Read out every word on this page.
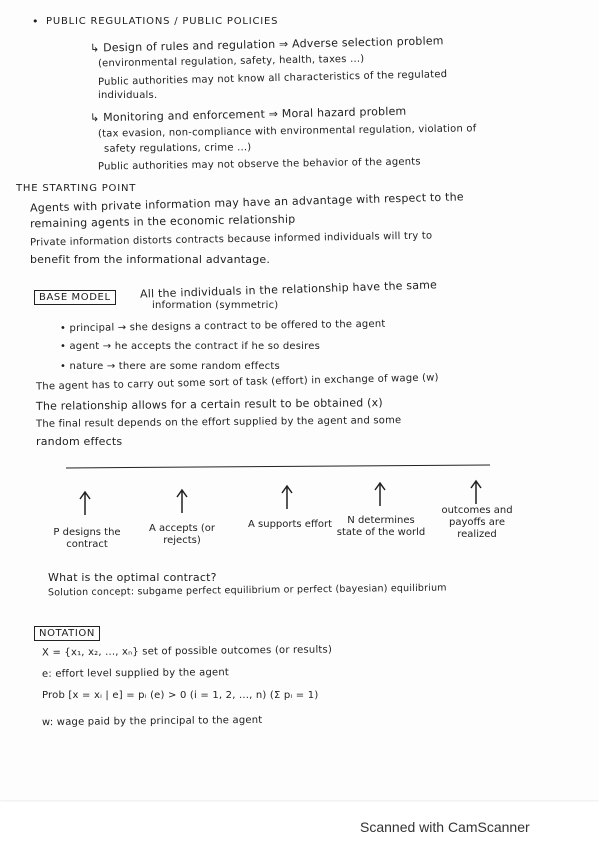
• PUBLIC REGULATIONS / PUBLIC POLICIES
↳ Design of rules and regulation ⇒ Adverse selection problem
(environmental regulation, safety, health, taxes ...)
Public authorities may not know all characteristics of the regulated
individuals.
↳ Monitoring and enforcement ⇒ Moral hazard problem
(tax evasion, non-compliance with environmental regulation, violation of
safety regulations, crime ...)
Public authorities may not observe the behavior of the agents
THE STARTING POINT
Agents with private information may have an advantage with respect to the
remaining agents in the economic relationship
Private information distorts contracts because informed individuals will try to
benefit from the informational advantage.
BASE MODEL	All the individuals in the relationship have the same
information (symmetric)
• principal → she designs a contract to be offered to the agent
• agent → he accepts the contract if he so desires
• nature → there are some random effects
The agent has to carry out some sort of task (effort) in exchange of wage (w)
The relationship allows for a certain result to be obtained (x)
The final result depends on the effort supplied by the agent and some
random effects
P designs the contract
A accepts (or rejects)
A supports effort	N determines state of the world
outcomes and payoffs are realized
What is the optimal contract?
Solution concept: subgame perfect equilibrium or perfect (bayesian) equilibrium
NOTATION
X = {x₁, x₂, ..., xₙ} set of possible outcomes (or results)
e: effort level supplied by the agent
Prob [x = xᵢ | e] = pᵢ (e) > 0 (i = 1, 2, ..., n) (Σ pᵢ = 1)
w: wage paid by the principal to the agent
Scanned with CamScanner
